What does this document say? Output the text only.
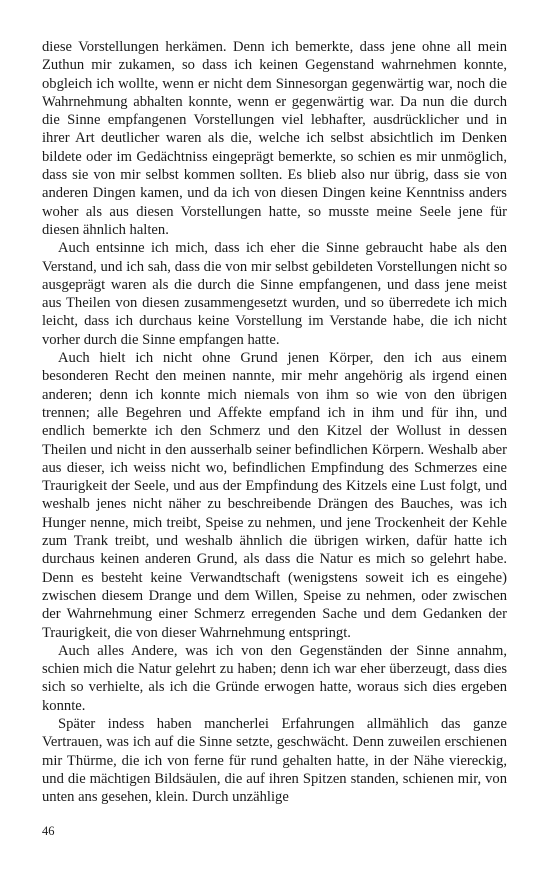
diese Vorstellungen herkämen. Denn ich bemerkte, dass jene ohne all mein Zuthun mir zukamen, so dass ich keinen Gegenstand wahrnehmen konnte, obgleich ich wollte, wenn er nicht dem Sinnesorgan gegenwärtig war, noch die Wahrnehmung abhalten konnte, wenn er gegenwärtig war. Da nun die durch die Sinne empfangenen Vorstellungen viel lebhafter, ausdrücklicher und in ihrer Art deutlicher waren als die, welche ich selbst absichtlich im Denken bildete oder im Gedächtniss eingeprägt bemerkte, so schien es mir unmöglich, dass sie von mir selbst kommen sollten. Es blieb also nur übrig, dass sie von anderen Dingen kamen, und da ich von diesen Dingen keine Kenntniss anders woher als aus diesen Vorstellungen hatte, so musste meine Seele jene für diesen ähnlich halten.

Auch entsinne ich mich, dass ich eher die Sinne gebraucht habe als den Verstand, und ich sah, dass die von mir selbst gebildeten Vorstellungen nicht so ausgeprägt waren als die durch die Sinne empfangenen, und dass jene meist aus Theilen von diesen zusammengesetzt wurden, und so überredete ich mich leicht, dass ich durchaus keine Vorstellung im Verstande habe, die ich nicht vorher durch die Sinne empfangen hatte.

Auch hielt ich nicht ohne Grund jenen Körper, den ich aus einem besonderen Recht den meinen nannte, mir mehr angehörig als irgend einen anderen; denn ich konnte mich niemals von ihm so wie von den übrigen trennen; alle Begehren und Affekte empfand ich in ihm und für ihn, und endlich bemerkte ich den Schmerz und den Kitzel der Wollust in dessen Theilen und nicht in den ausserhalb seiner befindlichen Körpern. Weshalb aber aus dieser, ich weiss nicht wo, befindlichen Empfindung des Schmerzes eine Traurigkeit der Seele, und aus der Empfindung des Kitzels eine Lust folgt, und weshalb jenes nicht näher zu beschreibende Drängen des Bauches, was ich Hunger nenne, mich treibt, Speise zu nehmen, und jene Trockenheit der Kehle zum Trank treibt, und weshalb ähnlich die übrigen wirken, dafür hatte ich durchaus keinen anderen Grund, als dass die Natur es mich so gelehrt habe. Denn es besteht keine Verwandtschaft (wenigstens soweit ich es eingehe) zwischen diesem Drange und dem Willen, Speise zu nehmen, oder zwischen der Wahrnehmung einer Schmerz erregenden Sache und dem Gedanken der Traurigkeit, die von dieser Wahrnehmung entspringt.

Auch alles Andere, was ich von den Gegenständen der Sinne annahm, schien mich die Natur gelehrt zu haben; denn ich war eher überzeugt, dass dies sich so verhielte, als ich die Gründe erwogen hatte, woraus sich dies ergeben konnte.

Später indess haben mancherlei Erfahrungen allmählich das ganze Vertrauen, was ich auf die Sinne setzte, geschwächt. Denn zuweilen erschienen mir Thürme, die ich von ferne für rund gehalten hatte, in der Nähe viereckig, und die mächtigen Bildsäulen, die auf ihren Spitzen standen, schienen mir, von unten ans gesehen, klein. Durch unzählige

46
